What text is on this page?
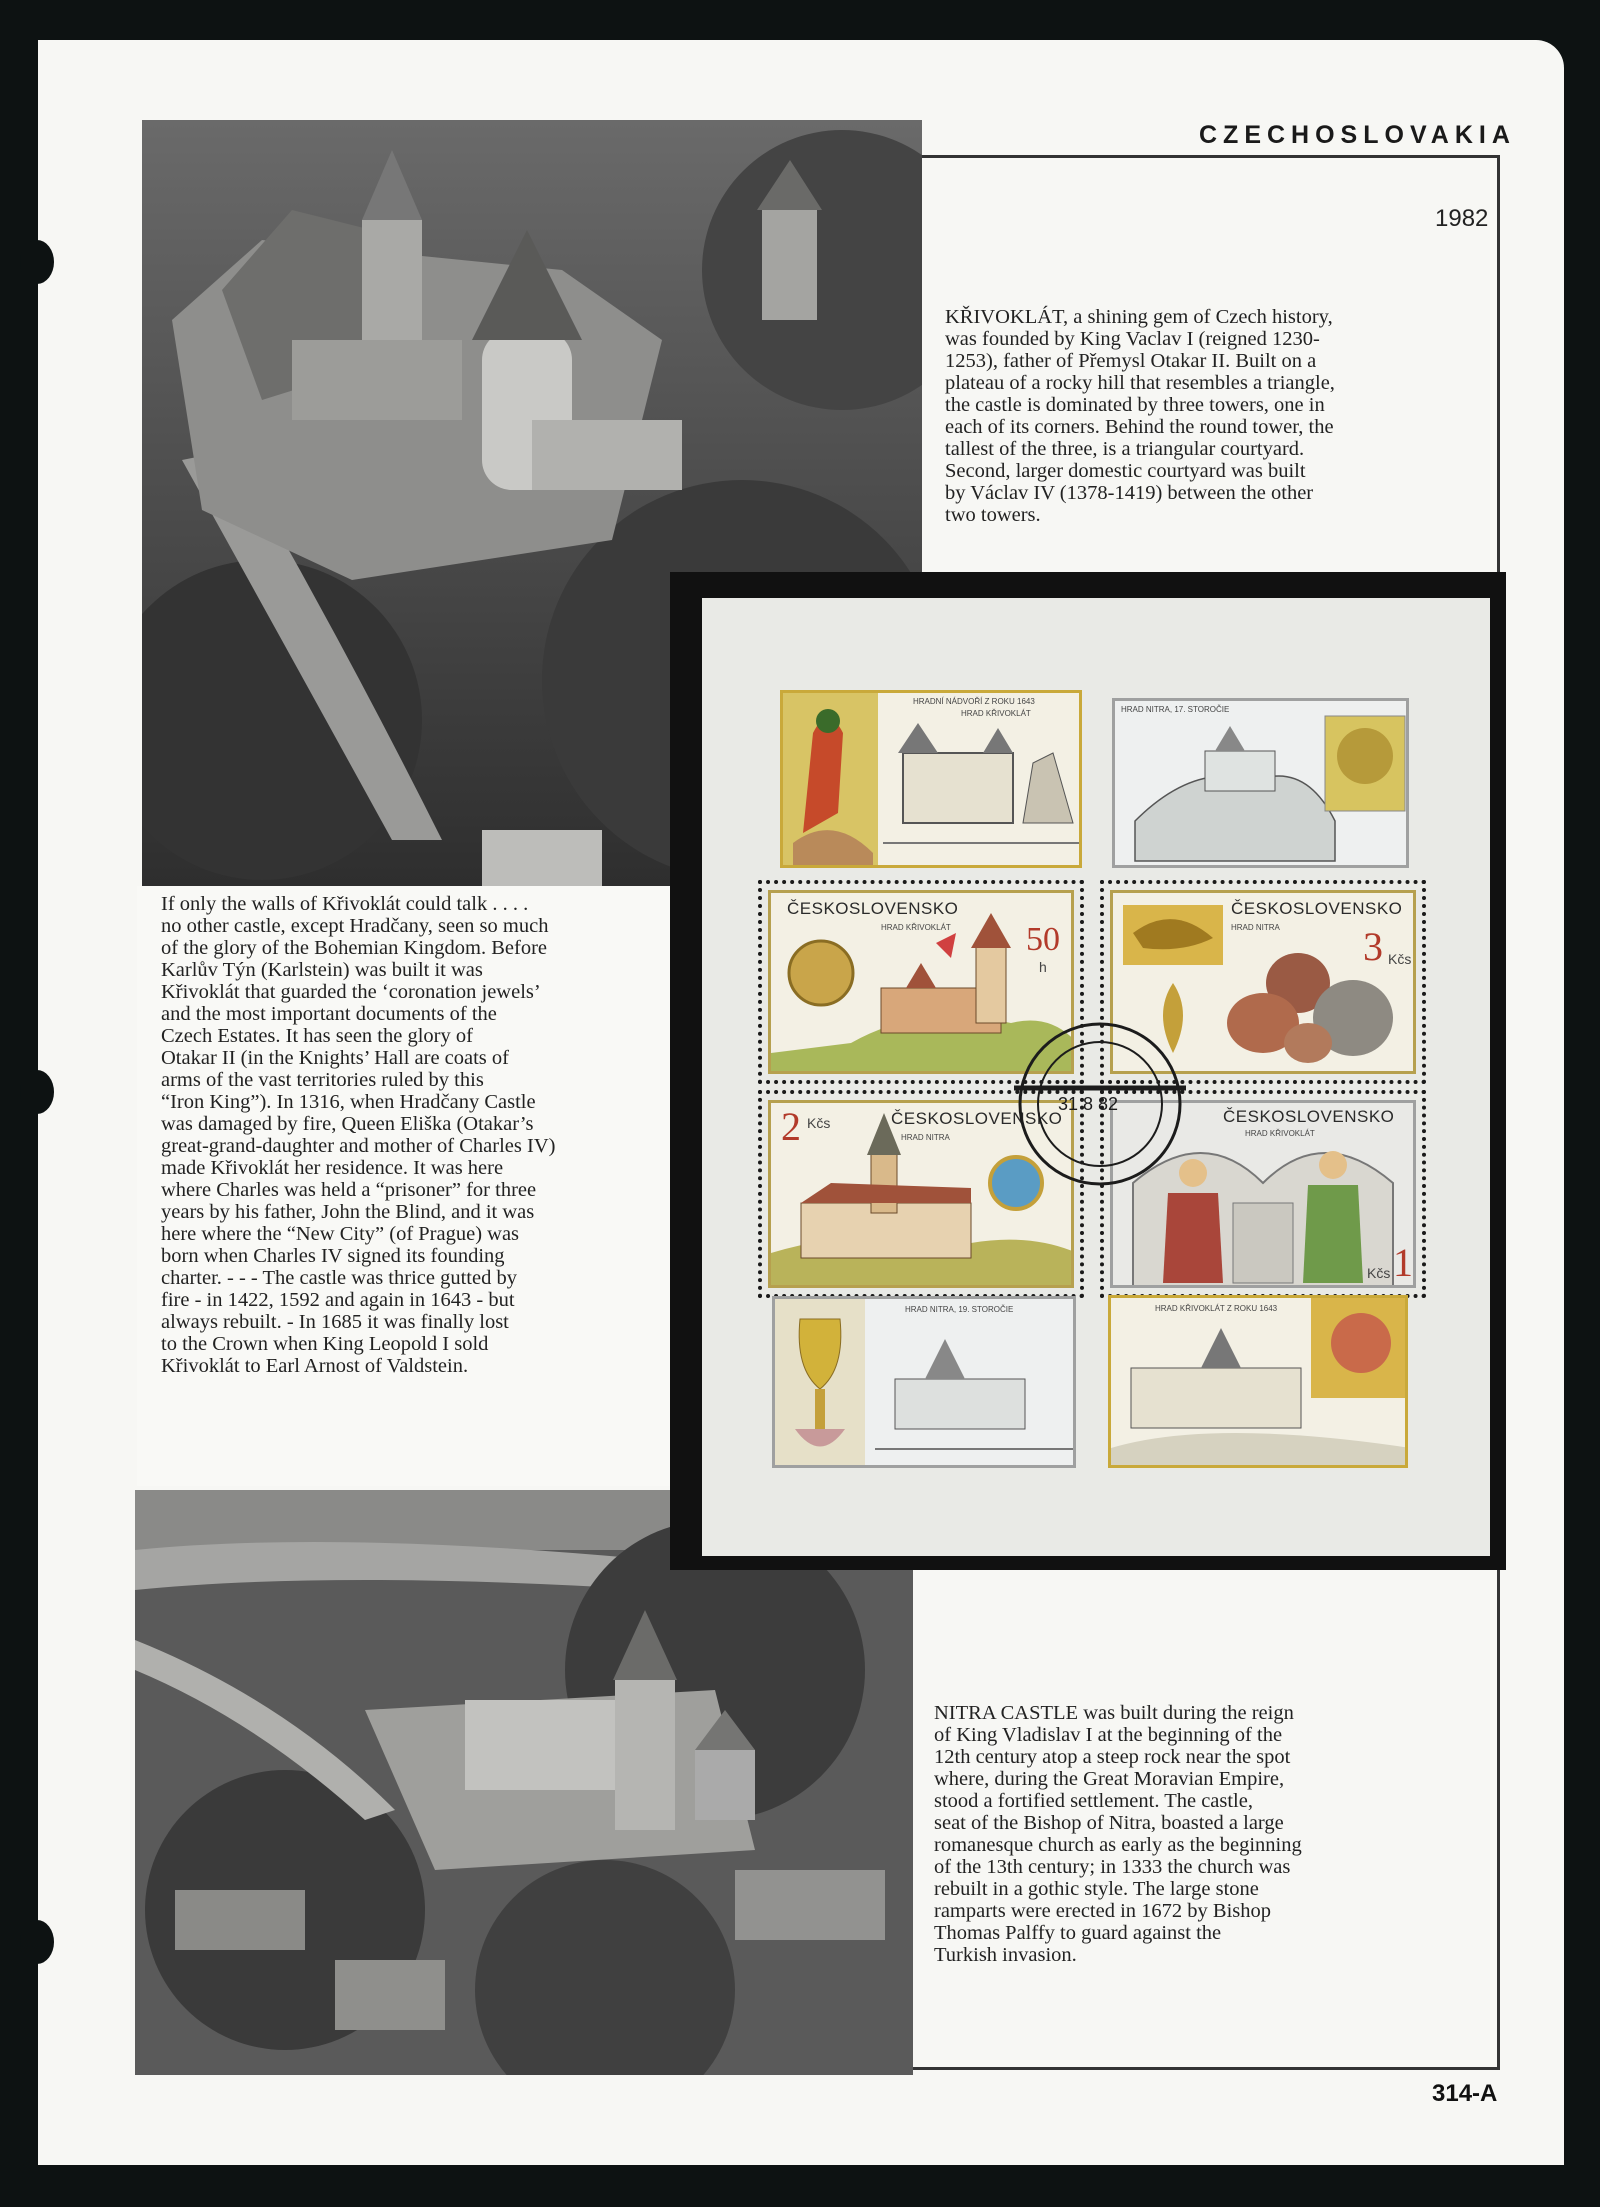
CZECHOSLOVAKIA
1982
KŘIVOKLÁT, a shining gem of Czech history,
was founded by King Vaclav I (reigned 1230-
1253), father of Přemysl Otakar II. Built on a
plateau of a rocky hill that resembles a triangle,
the castle is dominated by three towers, one in
each of its corners. Behind the round tower, the
tallest of the three, is a triangular courtyard.
Second, larger domestic courtyard was built
by Václav IV (1378-1419) between the other
two towers.
If only the walls of Křivoklát could talk . . . .
no other castle, except Hradčany, seen so much
of the glory of the Bohemian Kingdom. Before
Karlův Týn (Karlstein) was built it was
Křivoklát that guarded the ‘coronation jewels’
and the most important documents of the
Czech Estates. It has seen the glory of
Otakar II (in the Knights’ Hall are coats of
arms of the vast territories ruled by this
“Iron King”). In 1316, when Hradčany Castle
was damaged by fire, Queen Eliška (Otakar’s
great-grand-daughter and mother of Charles IV)
made Křivoklát her residence. It was here
where Charles was held a “prisoner” for three
years by his father, John the Blind, and it was
here where the “New City” (of Prague) was
born when Charles IV signed its founding
charter. - - - The castle was thrice gutted by
fire - in 1422, 1592 and again in 1643 - but
always rebuilt. - In 1685 it was finally lost
to the Crown when King Leopold I sold
Křivoklát to Earl Arnost of Valdstein.
NITRA CASTLE was built during the reign
of King Vladislav I at the beginning of the
12th century atop a steep rock near the spot
where, during the Great Moravian Empire,
stood a fortified settlement. The castle,
seat of the Bishop of Nitra, boasted a large
romanesque church as early as the beginning
of the 13th century; in 1333 the church was
rebuilt in a gothic style. The large stone
ramparts were erected in 1672 by Bishop
Thomas Palffy to guard against the
Turkish invasion.
HRADNÍ NÁDVOŘÍ Z ROKU 1643
HRAD KŘIVOKLÁT	HRAD NITRA, 17. STOROČIE
ČESKOSLOVENSKO
HRAD KŘIVOKLÁT 50
h
ČESKOSLOVENSKO
HRAD NITRA 3 Kčs
2 Kčs	ČESKOSLOVENSKO
HRAD NITRA
ČESKOSLOVENSKO
HRAD KŘIVOKLÁT
Kčs 1
HRAD NITRA, 19. STOROČIE	HRAD KŘIVOKLÁT Z ROKU 1643
31 8 82
314-A
